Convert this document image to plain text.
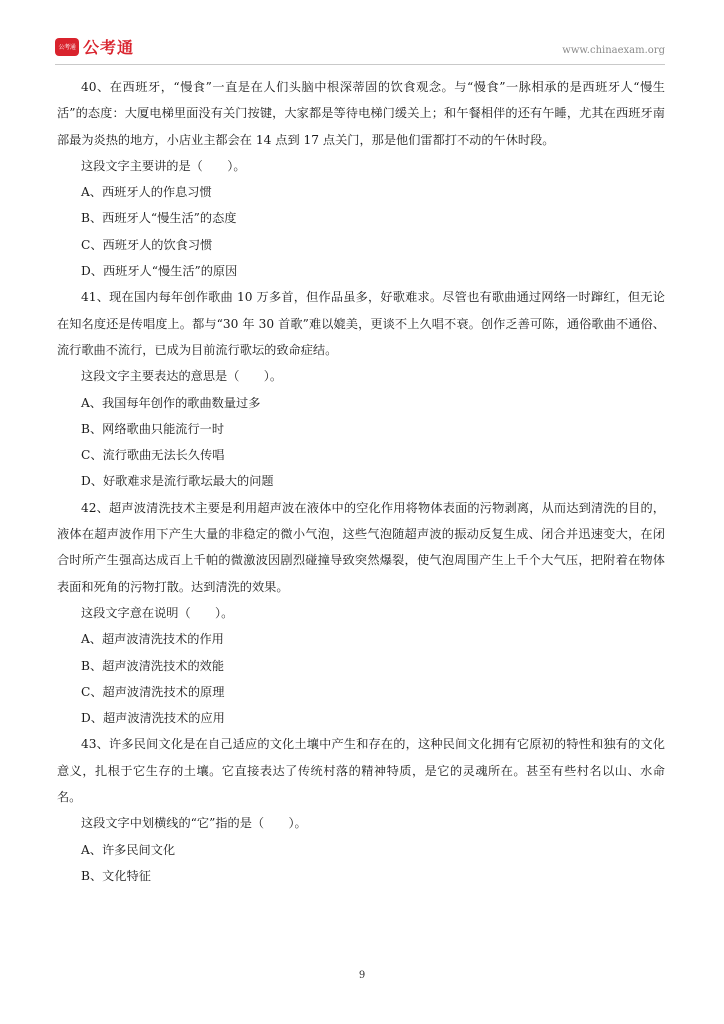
公考通 公考通	www.chinaexam.org

40、在西班牙，“慢食”一直是在人们头脑中根深蒂固的饮食观念。与“慢食”一脉相承的是西班牙人“慢生活”的态度：大厦电梯里面没有关门按键，大家都是等待电梯门缓关上；和午餐相伴的还有午睡，尤其在西班牙南部最为炎热的地方，小店业主都会在 14 点到 17 点关门，那是他们雷都打不动的午休时段。

这段文字主要讲的是（　　）。

A、西班牙人的作息习惯

B、西班牙人“慢生活”的态度

C、西班牙人的饮食习惯

D、西班牙人“慢生活”的原因

41、现在国内每年创作歌曲 10 万多首，但作品虽多，好歌难求。尽管也有歌曲通过网络一时蹿红，但无论在知名度还是传唱度上。都与“30 年 30 首歌”难以媲美，更谈不上久唱不衰。创作乏善可陈，通俗歌曲不通俗、流行歌曲不流行，已成为目前流行歌坛的致命症结。

这段文字主要表达的意思是（　　）。

A、我国每年创作的歌曲数量过多

B、网络歌曲只能流行一时

C、流行歌曲无法长久传唱

D、好歌难求是流行歌坛最大的问题

42、超声波清洗技术主要是利用超声波在液体中的空化作用将物体表面的污物剥离，从而达到清洗的目的，液体在超声波作用下产生大量的非稳定的微小气泡，这些气泡随超声波的振动反复生成、闭合并迅速变大，在闭合时所产生强高达成百上千帕的微激波因剧烈碰撞导致突然爆裂，使气泡周围产生上千个大气压，把附着在物体表面和死角的污物打散。达到清洗的效果。

这段文字意在说明（　　）。

A、超声波清洗技术的作用

B、超声波清洗技术的效能

C、超声波清洗技术的原理

D、超声波清洗技术的应用

43、许多民间文化是在自己适应的文化土壤中产生和存在的，这种民间文化拥有它原初的特性和独有的文化意义，扎根于它生存的土壤。它直接表达了传统村落的精神特质，是它的灵魂所在。甚至有些村名以山、水命名。

这段文字中划横线的“它”指的是（　　）。

A、许多民间文化

B、文化特征

9
